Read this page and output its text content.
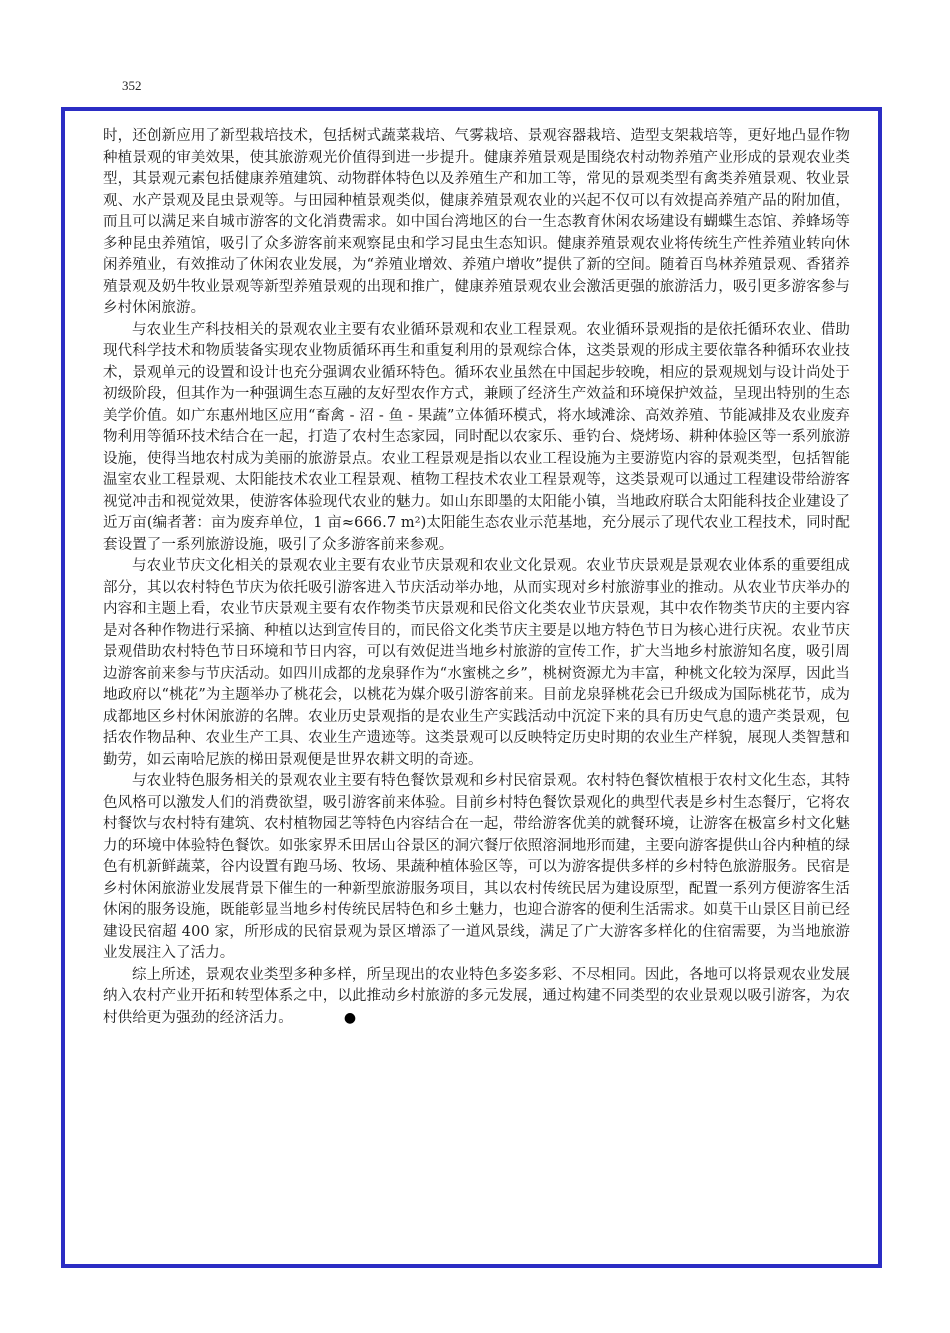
352

时，还创新应用了新型栽培技术，包括树式蔬菜栽培、气雾栽培、景观容器栽培、造型支架栽培等，更好地凸显作物种植景观的审美效果，使其旅游观光价值得到进一步提升。健康养殖景观是围绕农村动物养殖产业形成的景观农业类型，其景观元素包括健康养殖建筑、动物群体特色以及养殖生产和加工等，常见的景观类型有禽类养殖景观、牧业景观、水产景观及昆虫景观等。与田园种植景观类似，健康养殖景观农业的兴起不仅可以有效提高养殖产品的附加值，而且可以满足来自城市游客的文化消费需求。如中国台湾地区的台一生态教育休闲农场建设有蝴蝶生态馆、养蜂场等多种昆虫养殖馆，吸引了众多游客前来观察昆虫和学习昆虫生态知识。健康养殖景观农业将传统生产性养殖业转向休闲养殖业，有效推动了休闲农业发展，为“养殖业增效、养殖户增收”提供了新的空间。随着百鸟林养殖景观、香猪养殖景观及奶牛牧业景观等新型养殖景观的出现和推广，健康养殖景观农业会激活更强的旅游活力，吸引更多游客参与乡村休闲旅游。

与农业生产科技相关的景观农业主要有农业循环景观和农业工程景观。农业循环景观指的是依托循环农业、借助现代科学技术和物质装备实现农业物质循环再生和重复利用的景观综合体，这类景观的形成主要依靠各种循环农业技术，景观单元的设置和设计也充分强调农业循环特色。循环农业虽然在中国起步较晚，相应的景观规划与设计尚处于初级阶段，但其作为一种强调生态互融的友好型农作方式，兼顾了经济生产效益和环境保护效益，呈现出特别的生态美学价值。如广东惠州地区应用“畜禽 - 沼 - 鱼 - 果蔬”立体循环模式，将水域滩涂、高效养殖、节能减排及农业废弃物利用等循环技术结合在一起，打造了农村生态家园，同时配以农家乐、垂钓台、烧烤场、耕种体验区等一系列旅游设施，使得当地农村成为美丽的旅游景点。农业工程景观是指以农业工程设施为主要游览内容的景观类型，包括智能温室农业工程景观、太阳能技术农业工程景观、植物工程技术农业工程景观等，这类景观可以通过工程建设带给游客视觉冲击和视觉效果，使游客体验现代农业的魅力。如山东即墨的太阳能小镇，当地政府联合太阳能科技企业建设了近万亩(编者著：亩为废弃单位，1 亩≈666.7 m²)太阳能生态农业示范基地，充分展示了现代农业工程技术，同时配套设置了一系列旅游设施，吸引了众多游客前来参观。

与农业节庆文化相关的景观农业主要有农业节庆景观和农业文化景观。农业节庆景观是景观农业体系的重要组成部分，其以农村特色节庆为依托吸引游客进入节庆活动举办地，从而实现对乡村旅游事业的推动。从农业节庆举办的内容和主题上看，农业节庆景观主要有农作物类节庆景观和民俗文化类农业节庆景观，其中农作物类节庆的主要内容是对各种作物进行采摘、种植以达到宣传目的，而民俗文化类节庆主要是以地方特色节日为核心进行庆祝。农业节庆景观借助农村特色节日环境和节日内容，可以有效促进当地乡村旅游的宣传工作，扩大当地乡村旅游知名度，吸引周边游客前来参与节庆活动。如四川成都的龙泉驿作为“水蜜桃之乡”，桃树资源尤为丰富，种桃文化较为深厚，因此当地政府以“桃花”为主题举办了桃花会，以桃花为媒介吸引游客前来。目前龙泉驿桃花会已升级成为国际桃花节，成为成都地区乡村休闲旅游的名牌。农业历史景观指的是农业生产实践活动中沉淀下来的具有历史气息的遗产类景观，包括农作物品种、农业生产工具、农业生产遗迹等。这类景观可以反映特定历史时期的农业生产样貌，展现人类智慧和勤劳，如云南哈尼族的梯田景观便是世界农耕文明的奇迹。

与农业特色服务相关的景观农业主要有特色餐饮景观和乡村民宿景观。农村特色餐饮植根于农村文化生态，其特色风格可以激发人们的消费欲望，吸引游客前来体验。目前乡村特色餐饮景观化的典型代表是乡村生态餐厅，它将农村餐饮与农村特有建筑、农村植物园艺等特色内容结合在一起，带给游客优美的就餐环境，让游客在极富乡村文化魅力的环境中体验特色餐饮。如张家界禾田居山谷景区的洞穴餐厅依照溶洞地形而建，主要向游客提供山谷内种植的绿色有机新鲜蔬菜，谷内设置有跑马场、牧场、果蔬种植体验区等，可以为游客提供多样的乡村特色旅游服务。民宿是乡村休闲旅游业发展背景下催生的一种新型旅游服务项目，其以农村传统民居为建设原型，配置一系列方便游客生活休闲的服务设施，既能彰显当地乡村传统民居特色和乡土魅力，也迎合游客的便利生活需求。如莫干山景区目前已经建设民宿超 400 家，所形成的民宿景观为景区增添了一道风景线，满足了广大游客多样化的住宿需要，为当地旅游业发展注入了活力。

综上所述，景观农业类型多种多样，所呈现出的农业特色多姿多彩、不尽相同。因此，各地可以将景观农业发展纳入农村产业开拓和转型体系之中，以此推动乡村旅游的多元发展，通过构建不同类型的农业景观以吸引游客，为农村供给更为强劲的经济活力。	●
